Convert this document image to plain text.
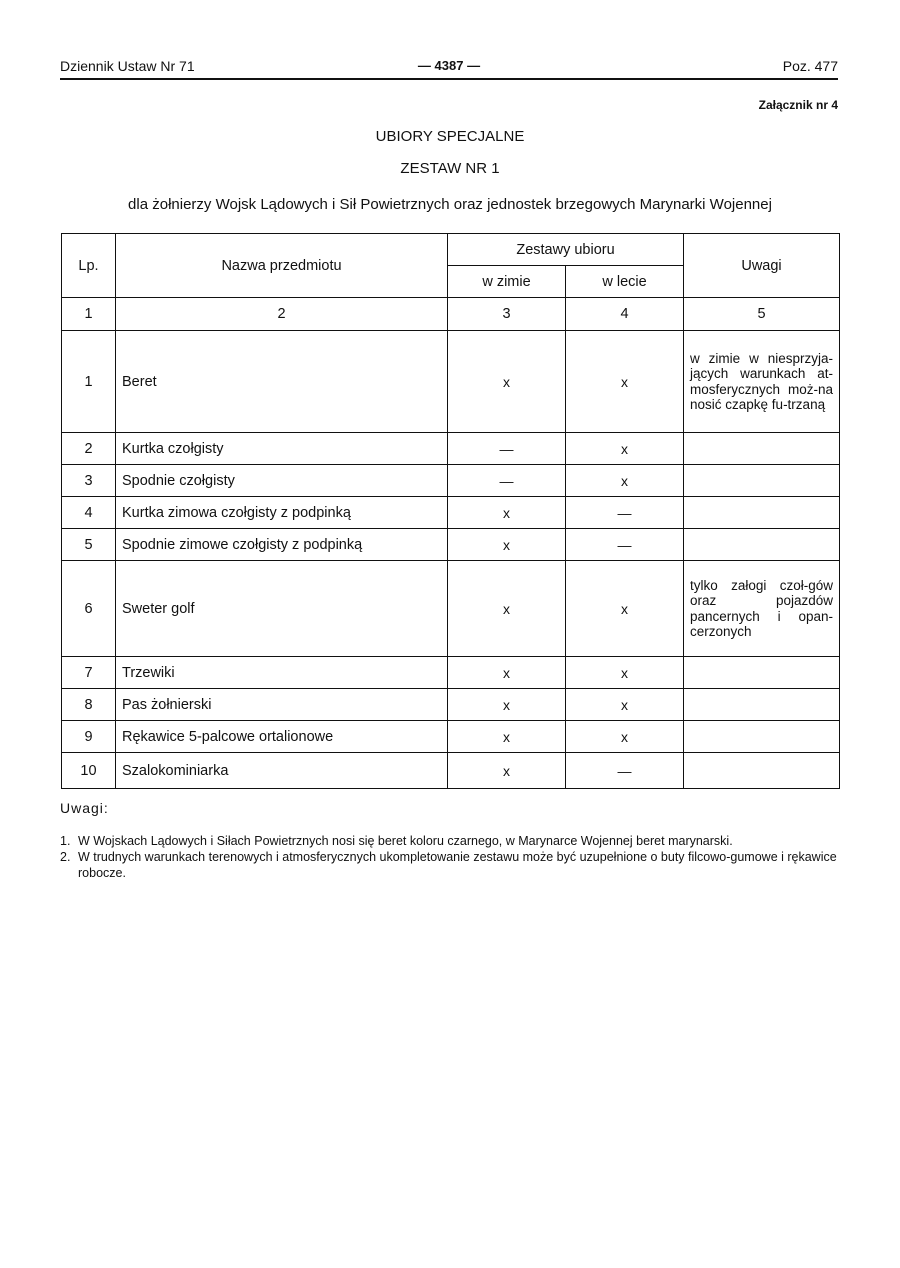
Dziennik Ustaw Nr 71	— 4387 —	Poz. 477
Załącznik nr 4
UBIORY SPECJALNE
ZESTAW NR 1
dla żołnierzy Wojsk Lądowych i Sił Powietrznych oraz jednostek brzegowych Marynarki Wojennej
Lp.	Nazwa przedmiotu	Zestawy ubioru		Uwagi
		w zimie	w lecie	
1	2	3	4	5
1	Beret	x	x	w zimie w niesprzyja-jących warunkach at-mosferycznych moż-na nosić czapkę fu-trzaną
2	Kurtka czołgisty	—	x	
3	Spodnie czołgisty	—	x	
4	Kurtka zimowa czołgisty z podpinką	x	—	
5	Spodnie zimowe czołgisty z podpinką	x	—	
6	Sweter golf	x	x	tylko załogi czoł-gów oraz pojazdów pancernych i opan-cerzonych
7	Trzewiki	x	x	
8	Pas żołnierski	x	x	
9	Rękawice 5-palcowe ortalionowe	x	x	
10	Szalokominiarka	x	—	
Uwagi:

1. W Wojskach Lądowych i Siłach Powietrznych nosi się beret koloru czarnego, w Marynarce Wojennej beret marynarski.

2. W trudnych warunkach terenowych i atmosferycznych ukompletowanie zestawu może być uzupełnione o buty filcowo-gumowe i rękawice robocze.
